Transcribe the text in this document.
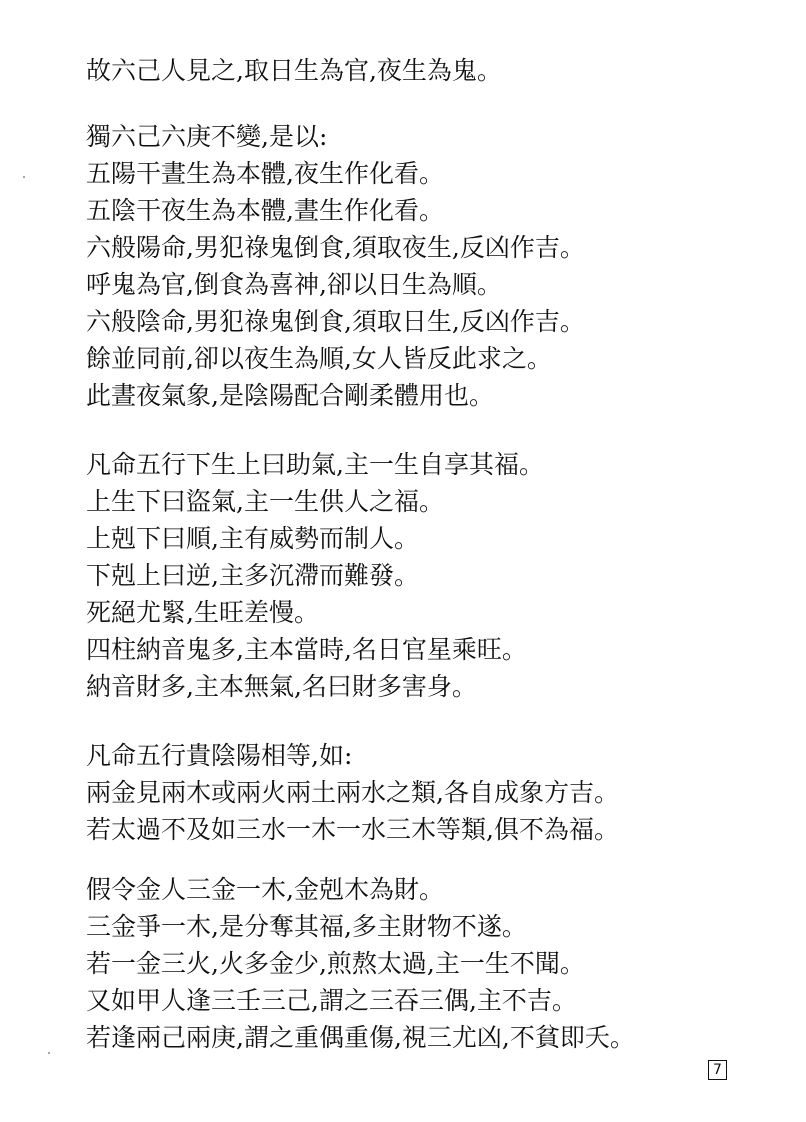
故六己人見之,取日生為官,夜生為鬼。
獨六己六庚不變,是以:
五陽干晝生為本體,夜生作化看。
五陰干夜生為本體,晝生作化看。
六般陽命,男犯祿鬼倒食,須取夜生,反凶作吉。
呼鬼為官,倒食為喜神,卻以日生為順。
六般陰命,男犯祿鬼倒食,須取日生,反凶作吉。
餘並同前,卻以夜生為順,女人皆反此求之。
此晝夜氣象,是陰陽配合剛柔體用也。
凡命五行下生上曰助氣,主一生自享其福。
上生下曰盜氣,主一生供人之福。
上剋下曰順,主有威勢而制人。
下剋上曰逆,主多沉滯而難發。
死絕尤緊,生旺差慢。
四柱納音鬼多,主本當時,名日官星乘旺。
納音財多,主本無氣,名曰財多害身。
凡命五行貴陰陽相等,如:
兩金見兩木或兩火兩土兩水之類,各自成象方吉。
若太過不及如三水一木一水三木等類,俱不為福。
假令金人三金一木,金剋木為財。
三金爭一木,是分奪其福,多主財物不遂。
若一金三火,火多金少,煎熬太過,主一生不聞。
又如甲人逢三壬三己,謂之三吞三偶,主不吉。
若逢兩己兩庚,謂之重偶重傷,視三尤凶,不貧即夭。
7
